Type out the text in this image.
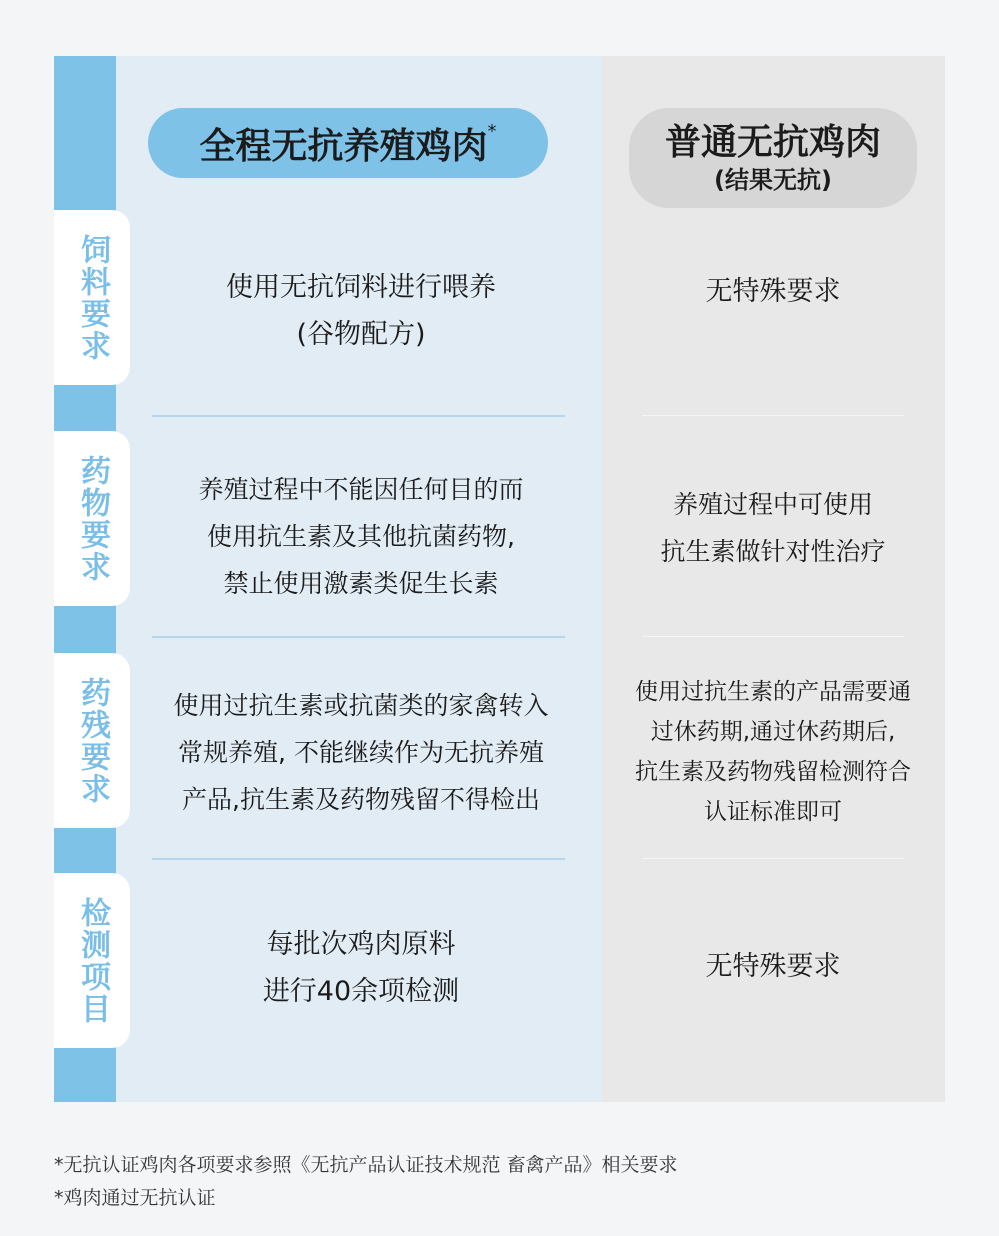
全程无抗养殖鸡肉*	普通无抗鸡肉
(结果无抗)
饲料要求
药物要求
药残要求
检测项目
使用无抗饲料进行喂养
(谷物配方)
无特殊要求
养殖过程中不能因任何目的而
使用抗生素及其他抗菌药物,
禁止使用激素类促生长素
养殖过程中可使用
抗生素做针对性治疗
使用过抗生素或抗菌类的家禽转入
常规养殖, 不能继续作为无抗养殖
产品,抗生素及药物残留不得检出
使用过抗生素的产品需要通
过休药期,通过休药期后,
抗生素及药物残留检测符合
认证标准即可
每批次鸡肉原料
进行40余项检测
无特殊要求
*无抗认证鸡肉各项要求参照《无抗产品认证技术规范 畜禽产品》相关要求
*鸡肉通过无抗认证
